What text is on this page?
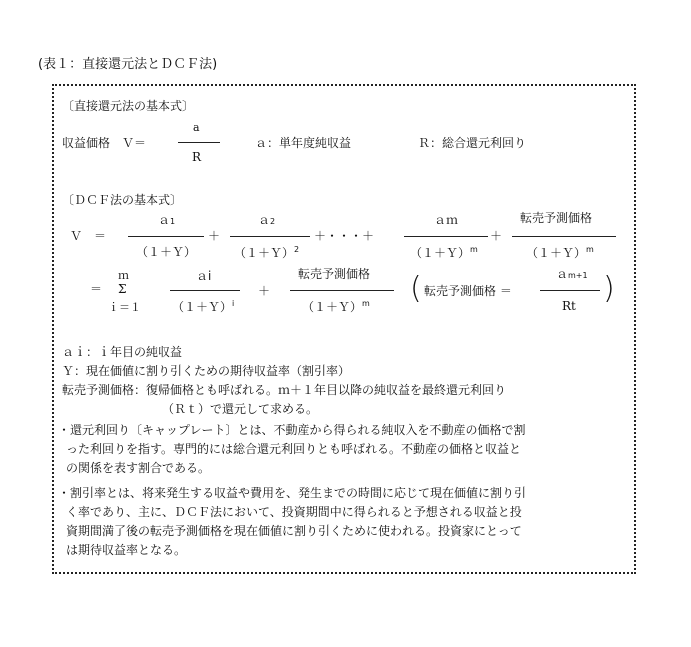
(表１：直接還元法とＤＣＦ法)
〔直接還元法の基本式〕
収益価格　Ｖ＝
a
R
ａ：単年度純収益	Ｒ：総合還元利回り
〔ＤＣＦ法の基本式〕
Ｖ　＝
ａ1
（１＋Ｙ）
＋
ａ2
（１＋Ｙ）$^2$
＋・・・＋
ａｍ
（１＋Ｙ）$^m$
＋
転売予測価格
（１＋Ｙ）$^m$
＝
ｍ
Σ
ｉ＝１
ａi
（１＋Ｙ）$^i$
＋
転売予測価格
（１＋Ｙ）$^m$ ( 転売予測価格 ＝
ａm+1
Rt )
ａｉ：ｉ年目の純収益
Ｙ：現在価値に割り引くための期待収益率（割引率）
転売予測価格：復帰価格とも呼ばれる。ｍ＋１年目以降の純収益を最終還元利回り
（Ｒｔ）で還元して求める。
・還元利回り〔キャップレート〕とは、不動産から得られる純収入を不動産の価格で割
った利回りを指す。専門的には総合還元利回りとも呼ばれる。不動産の価格と収益と
の関係を表す割合である。
・割引率とは、将来発生する収益や費用を、発生までの時間に応じて現在価値に割り引
く率であり、主に、ＤＣＦ法において、投資期間中に得られると予想される収益と投
資期間満了後の転売予測価格を現在価値に割り引くために使われる。投資家にとって
は期待収益率となる。
